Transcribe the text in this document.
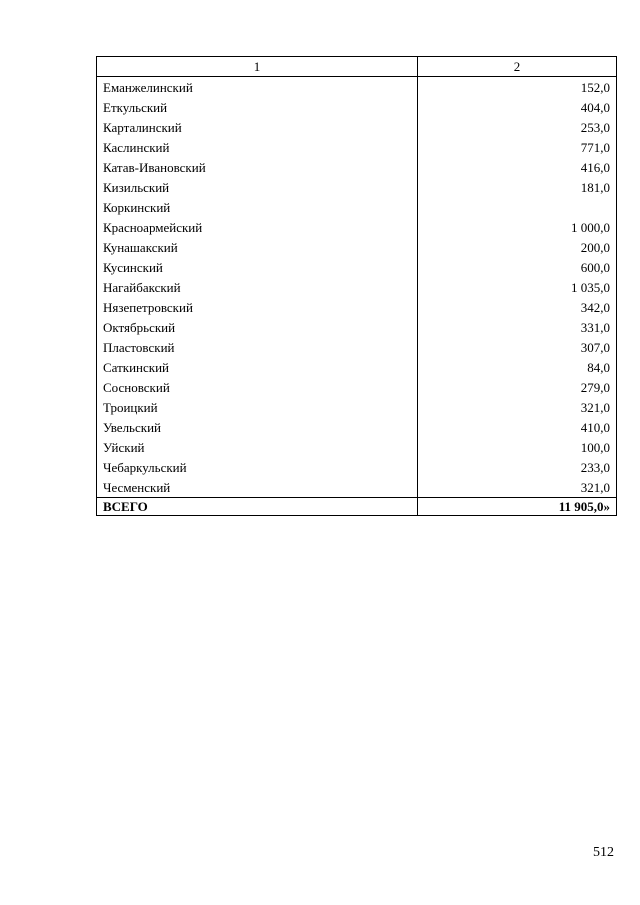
1	2
Еманжелинский	152,0
Еткульский	404,0
Карталинский	253,0
Каслинский	771,0
Катав-Ивановский	416,0
Кизильский	181,0
Коркинский	
Красноармейский	1 000,0
Кунашакский	200,0
Кусинский	600,0
Нагайбакский	1 035,0
Нязепетровский	342,0
Октябрьский	331,0
Пластовский	307,0
Саткинский	84,0
Сосновский	279,0
Троицкий	321,0
Увельский	410,0
Уйский	100,0
Чебаркульский	233,0
Чесменский	321,0
ВСЕГО	11 905,0»
512
